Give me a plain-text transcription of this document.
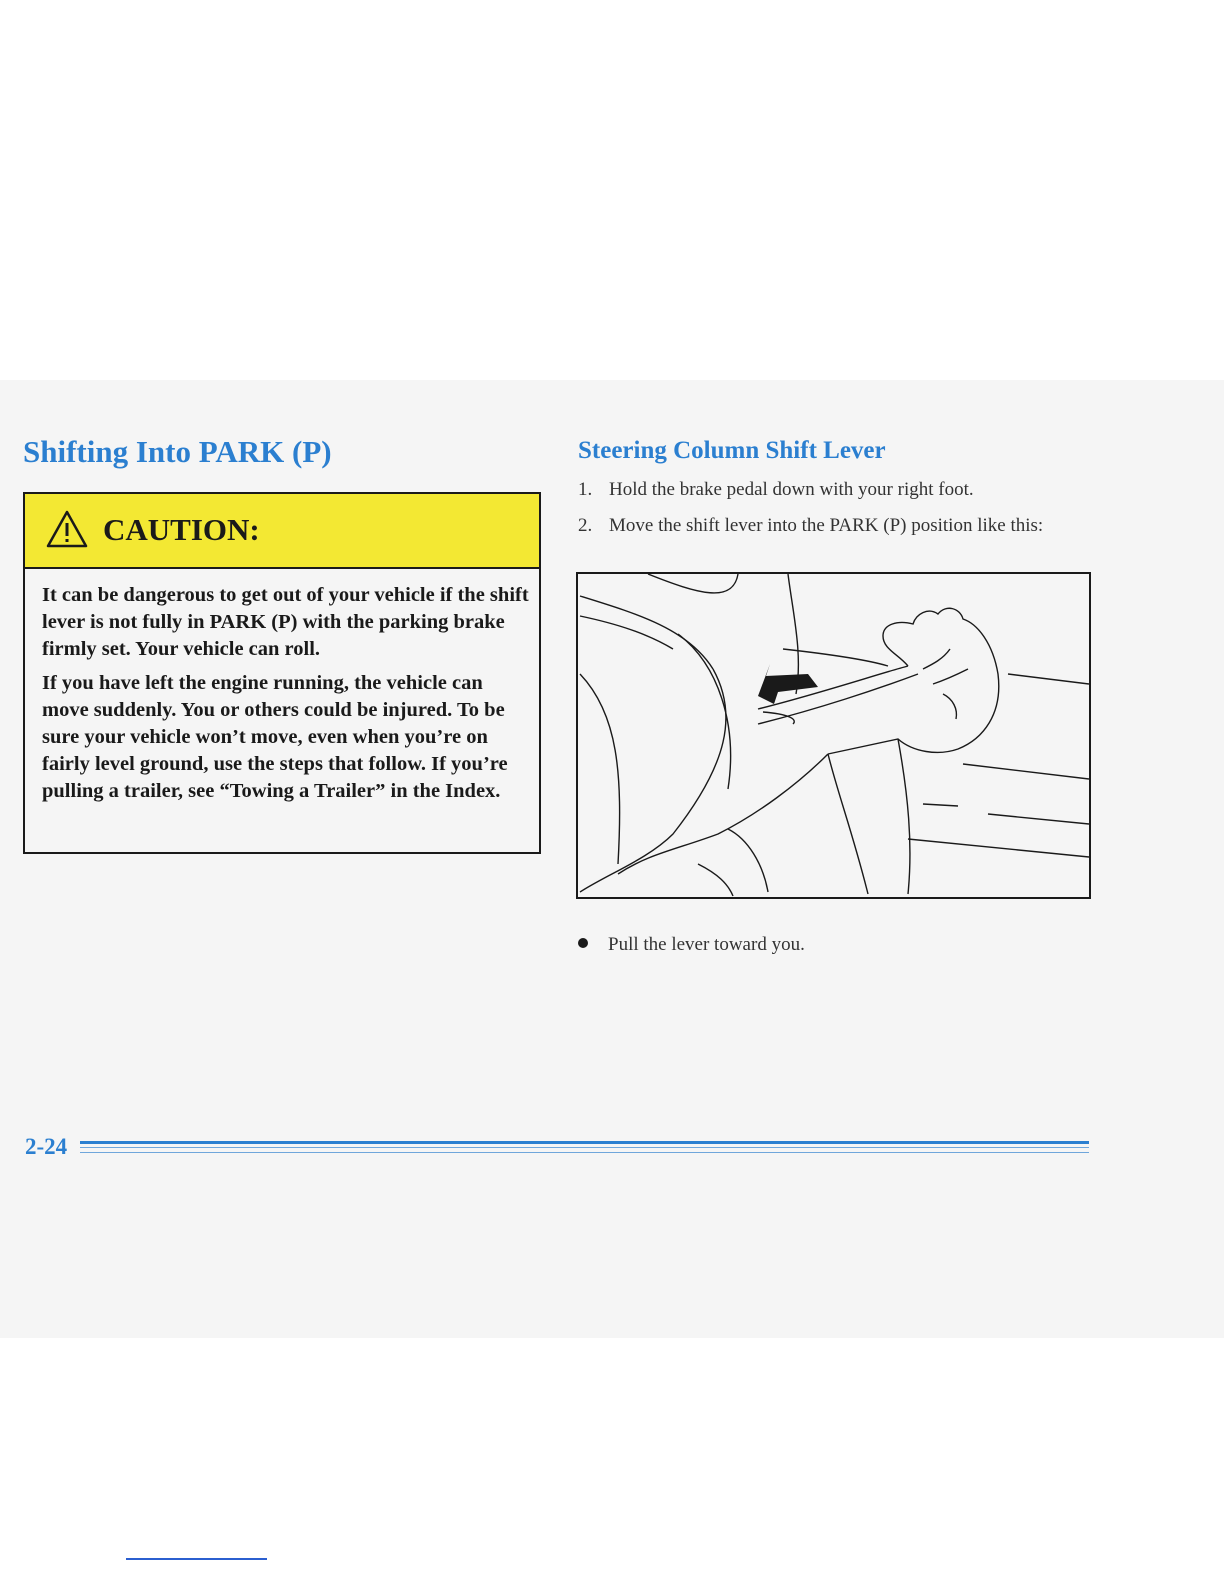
Shifting Into PARK (P)
CAUTION:

It can be dangerous to get out of your vehicle if the shift lever is not fully in PARK (P) with the parking brake firmly set. Your vehicle can roll.

If you have left the engine running, the vehicle can move suddenly. You or others could be injured. To be sure your vehicle won’t move, even when you’re on fairly level ground, use the steps that follow. If you’re pulling a trailer, see “Towing a Trailer” in the Index.

Steering Column Shift Lever
1. Hold the brake pedal down with your right foot.
2. Move the shift lever into the PARK (P) position like this:
Pull the lever toward you.
2-24
